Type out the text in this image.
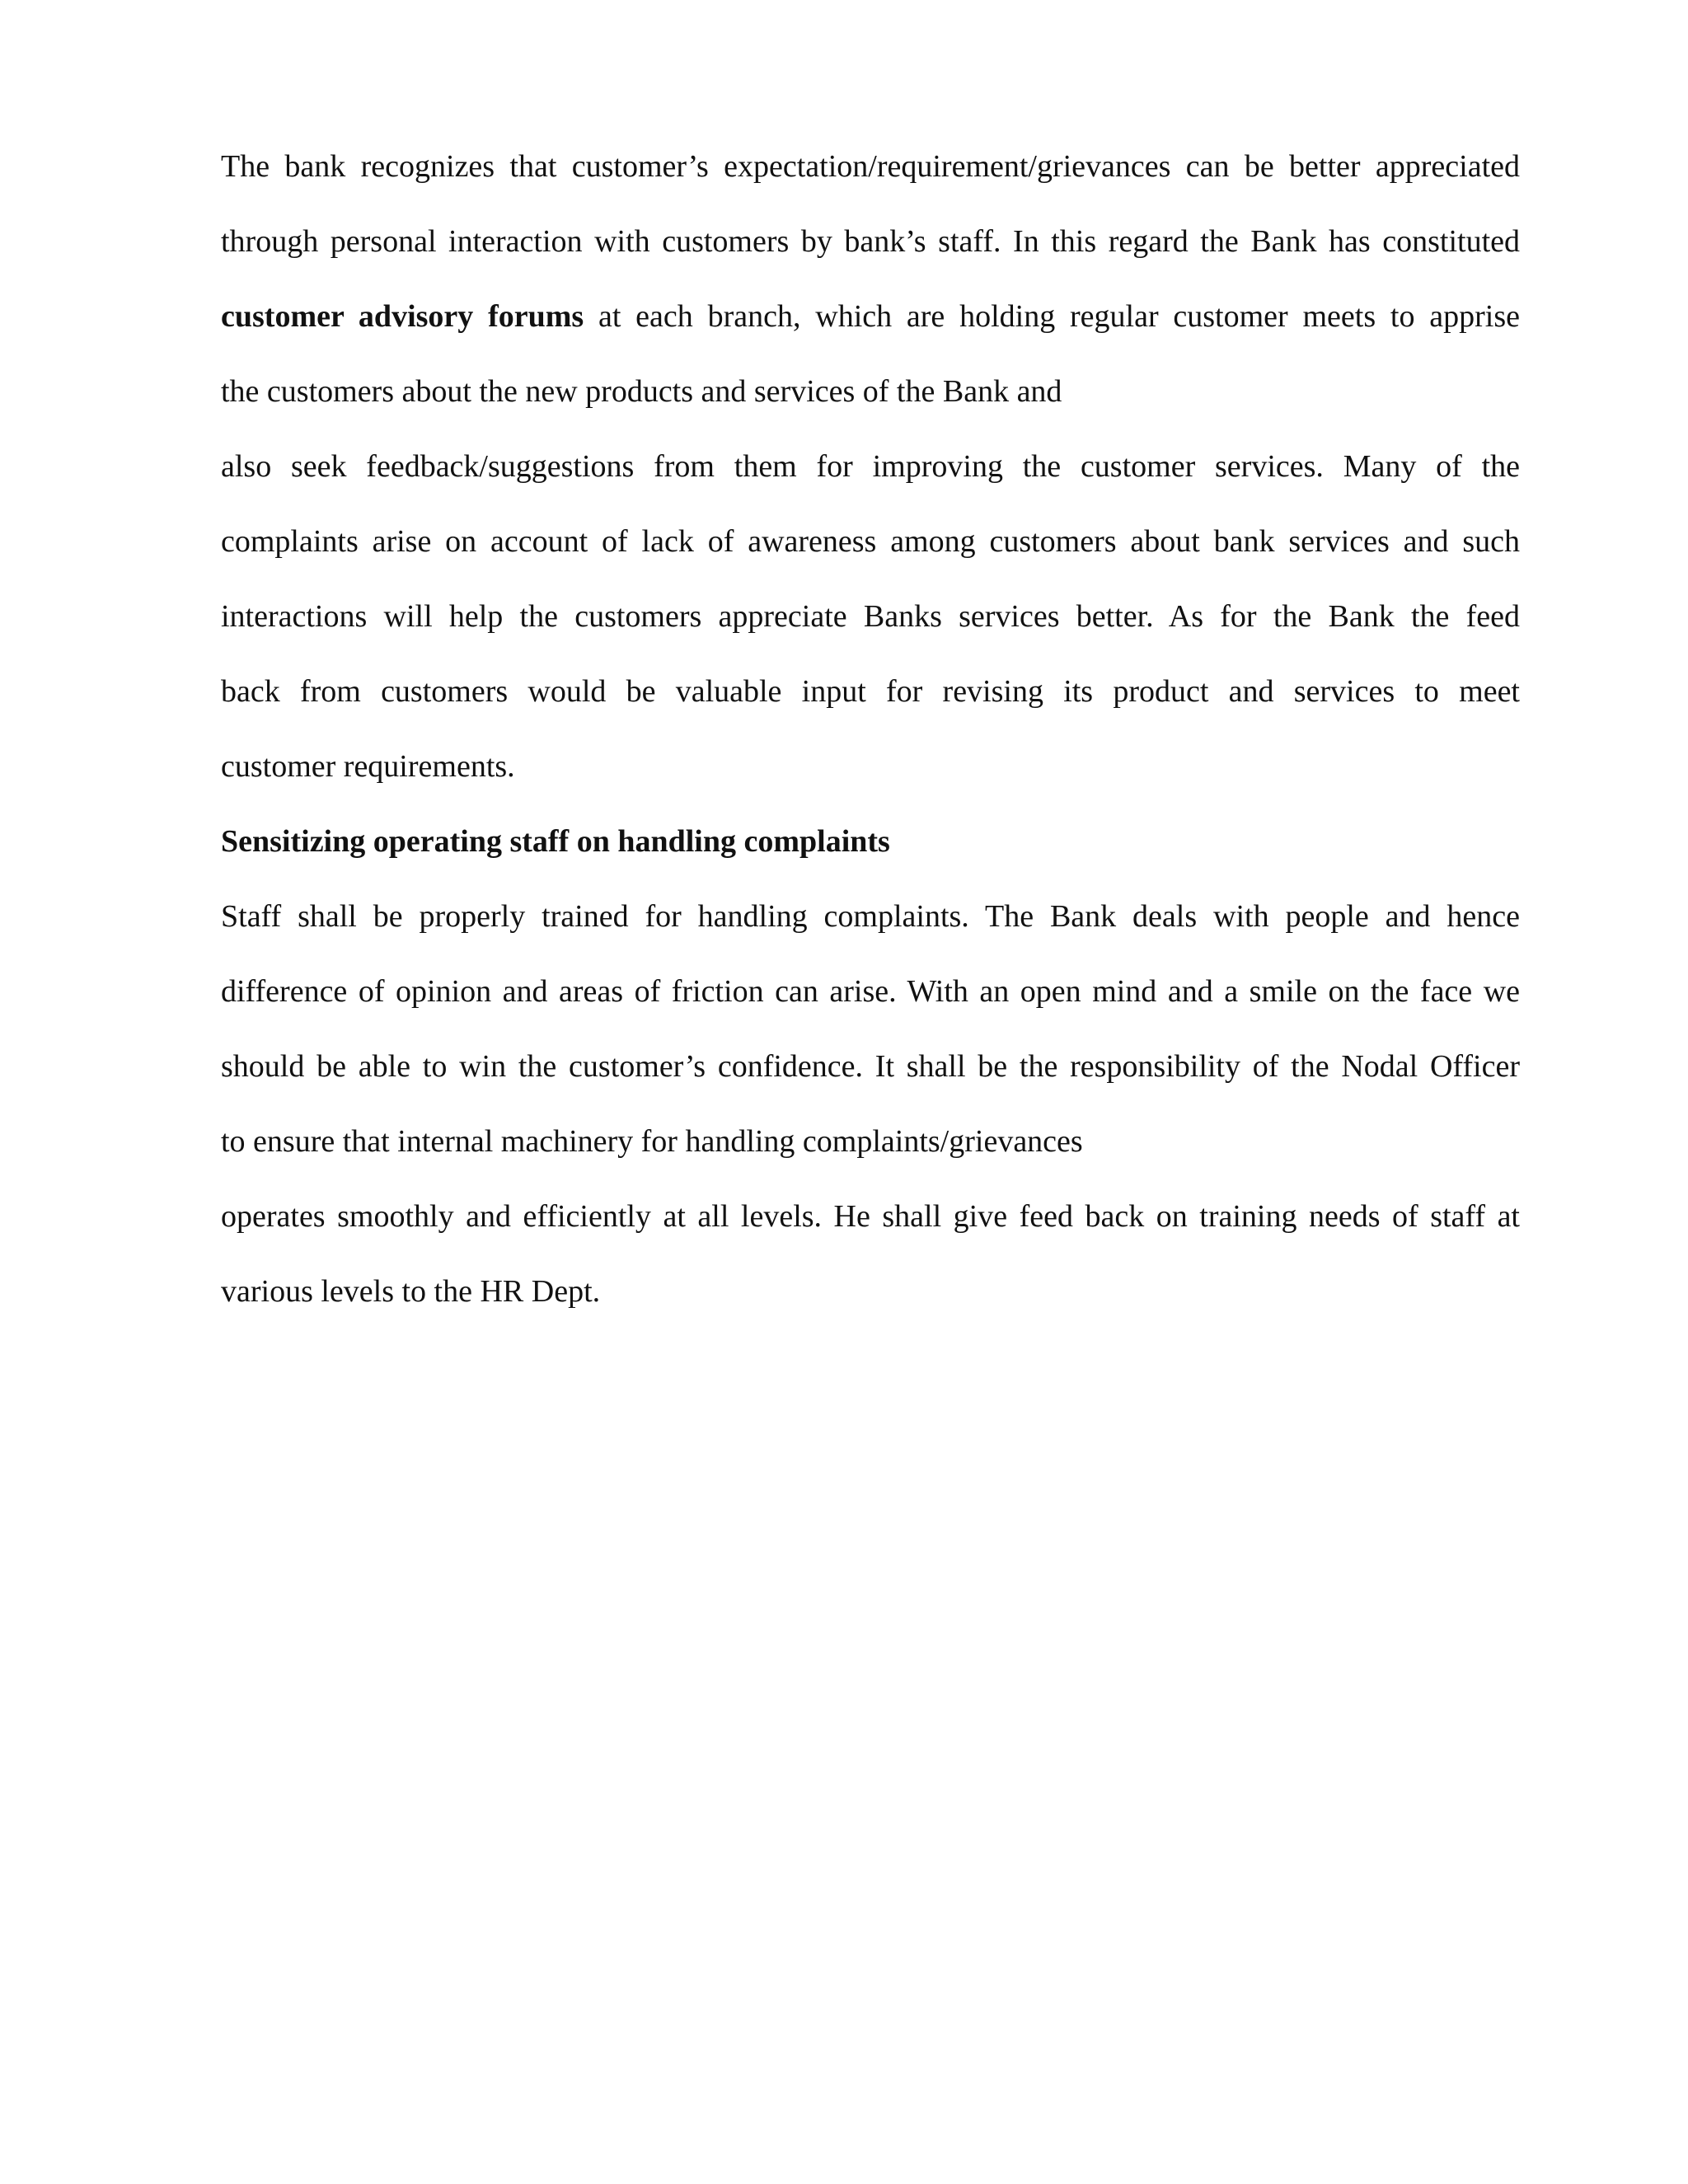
The bank recognizes that customer’s expectation/requirement/grievances can be better appreciated
through personal interaction with customers by bank’s staff. In this regard the Bank has constituted
customer advisory forums at each branch, which are holding regular customer meets to apprise
the customers about the new products and services of the Bank and
also seek feedback/suggestions from them for improving the customer services. Many of the
complaints arise on account of lack of awareness among customers about bank services and such
interactions will help the customers appreciate Banks services better. As for the Bank the feed
back from customers would be valuable input for revising its product and services to meet
customer requirements.
Sensitizing operating staff on handling complaints
Staff shall be properly trained for handling complaints. The Bank deals with people and hence
difference of opinion and areas of friction can arise. With an open mind and a smile on the face we
should be able to win the customer’s confidence. It shall be the responsibility of the Nodal Officer
to ensure that internal machinery for handling complaints/grievances
operates smoothly and efficiently at all levels. He shall give feed back on training needs of staff at
various levels to the HR Dept.
